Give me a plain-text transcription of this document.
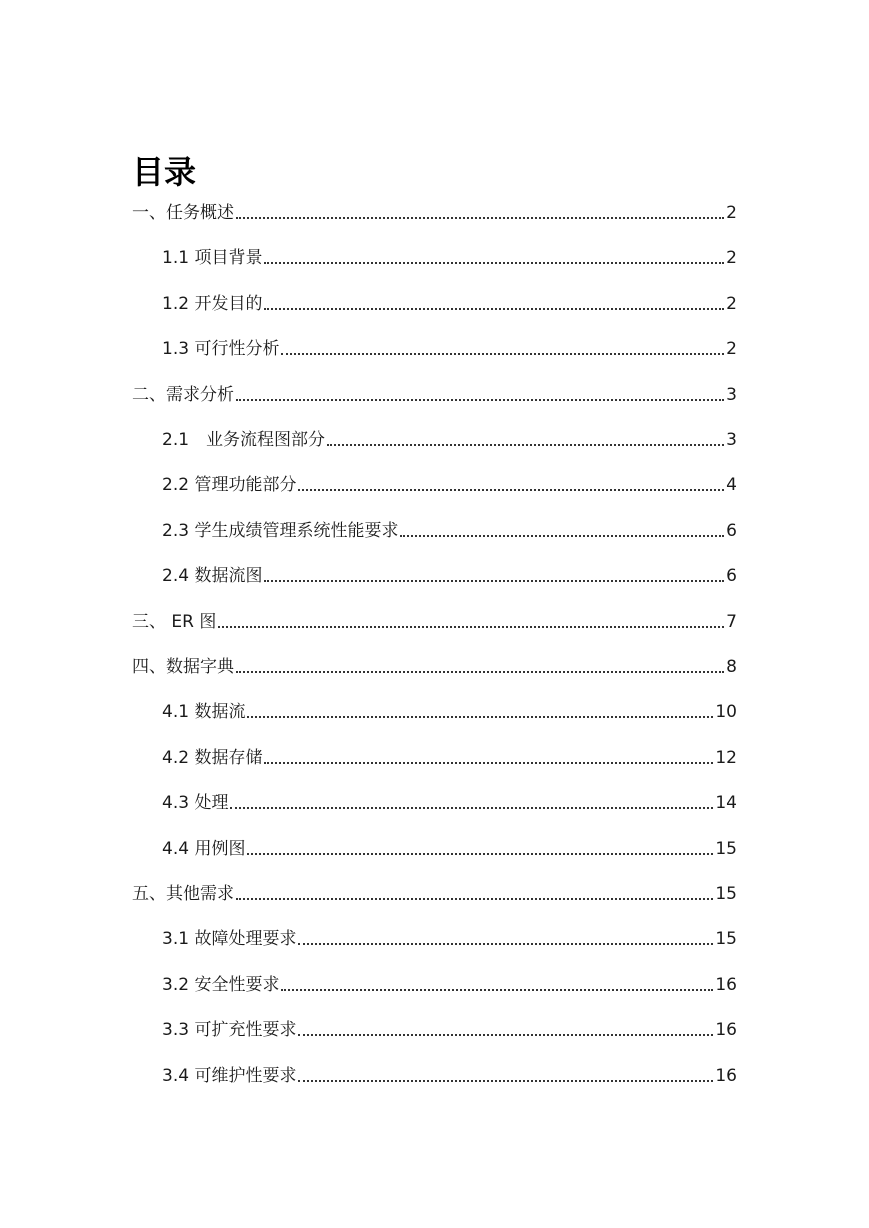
目录
一、任务概述	2
1.1 项目背景	2
1.2 开发目的	2
1.3 可行性分析	2
二、需求分析	3
2.1　业务流程图部分	3
2.2 管理功能部分	4
2.3 学生成绩管理系统性能要求	6
2.4 数据流图	6
三、 ER 图	7
四、数据字典	8
4.1 数据流	10
4.2 数据存储	12
4.3 处理	14
4.4 用例图	15
五、其他需求	15
3.1 故障处理要求	15
3.2 安全性要求	16
3.3 可扩充性要求	16
3.4 可维护性要求	16
